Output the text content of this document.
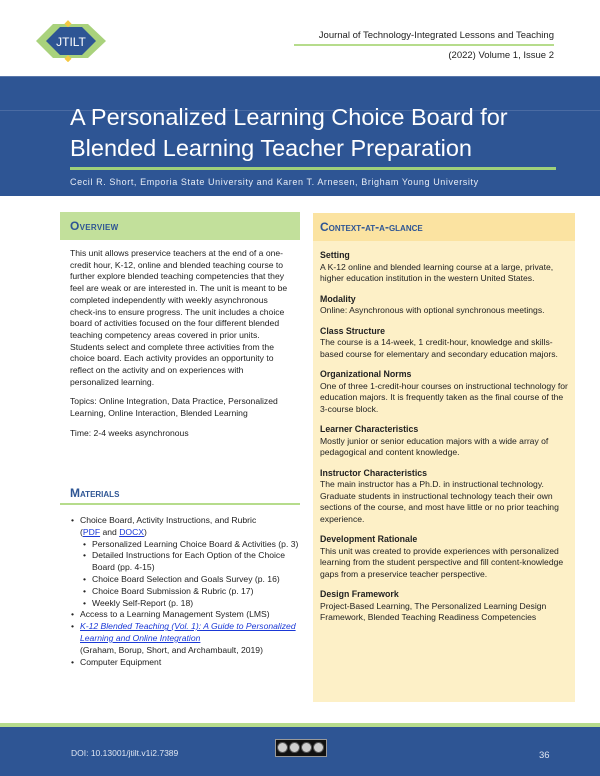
JTILT	Journal of Technology-Integrated Lessons and Teaching
(2022) Volume 1, Issue 2
A Personalized Learning Choice Board for Blended Learning Teacher Preparation
Cecil R. Short, Emporia State University and Karen T. Arnesen, Brigham Young University
Overview

This unit allows preservice teachers at the end of a one-credit hour, K-12, online and blended teaching course to further explore blended teaching competencies that they feel are weak or are interested in. The unit is meant to be completed independently with weekly asynchronous check-ins to ensure progress. The unit includes a choice board of activities focused on the four different blended teaching competency areas covered in prior units. Students select and complete three activities from the choice board. Each activity provides an opportunity to reflect on the activity and on experiences with personalized learning.

Topics: Online Integration, Data Practice, Personalized Learning, Online Interaction, Blended Learning

Time: 2-4 weeks asynchronous

Materials
• Choice Board, Activity Instructions, and Rubric
(PDF and DOCX)
• Personalized Learning Choice Board & Activities (p. 3)
• Detailed Instructions for Each Option of the Choice Board (pp. 4-15)
• Choice Board Selection and Goals Survey (p. 16)
• Choice Board Submission & Rubric (p. 17)
• Weekly Self-Report (p. 18)
• Access to a Learning Management System (LMS)
• K-12 Blended Teaching (Vol. 1): A Guide to Personalized Learning and Online Integration
(Graham, Borup, Short, and Archambault, 2019)
• Computer Equipment
Context-at-a-glance
Setting

A K-12 online and blended learning course at a large, private, higher education institution in the western United States.

Modality

Online: Asynchronous with optional synchronous meetings.

Class Structure

The course is a 14-week, 1 credit-hour, knowledge and skills-based course for elementary and secondary education majors.

Organizational Norms

One of three 1-credit-hour courses on instructional technology for education majors. It is frequently taken as the final course of the 3-course block.

Learner Characteristics

Mostly junior or senior education majors with a wide array of pedagogical and content knowledge.

Instructor Characteristics

The main instructor has a Ph.D. in instructional technology. Graduate students in instructional technology teach their own sections of the course, and most have little or no prior teaching experience.

Development Rationale

This unit was created to provide experiences with personalized learning from the student perspective and fill content-knowledge gaps from a preservice teacher perspective.

Design Framework

Project-Based Learning, The Personalized Learning Design Framework, Blended Teaching Readiness Competencies

DOI: 10.13001/jtilt.v1i2.7389	36
